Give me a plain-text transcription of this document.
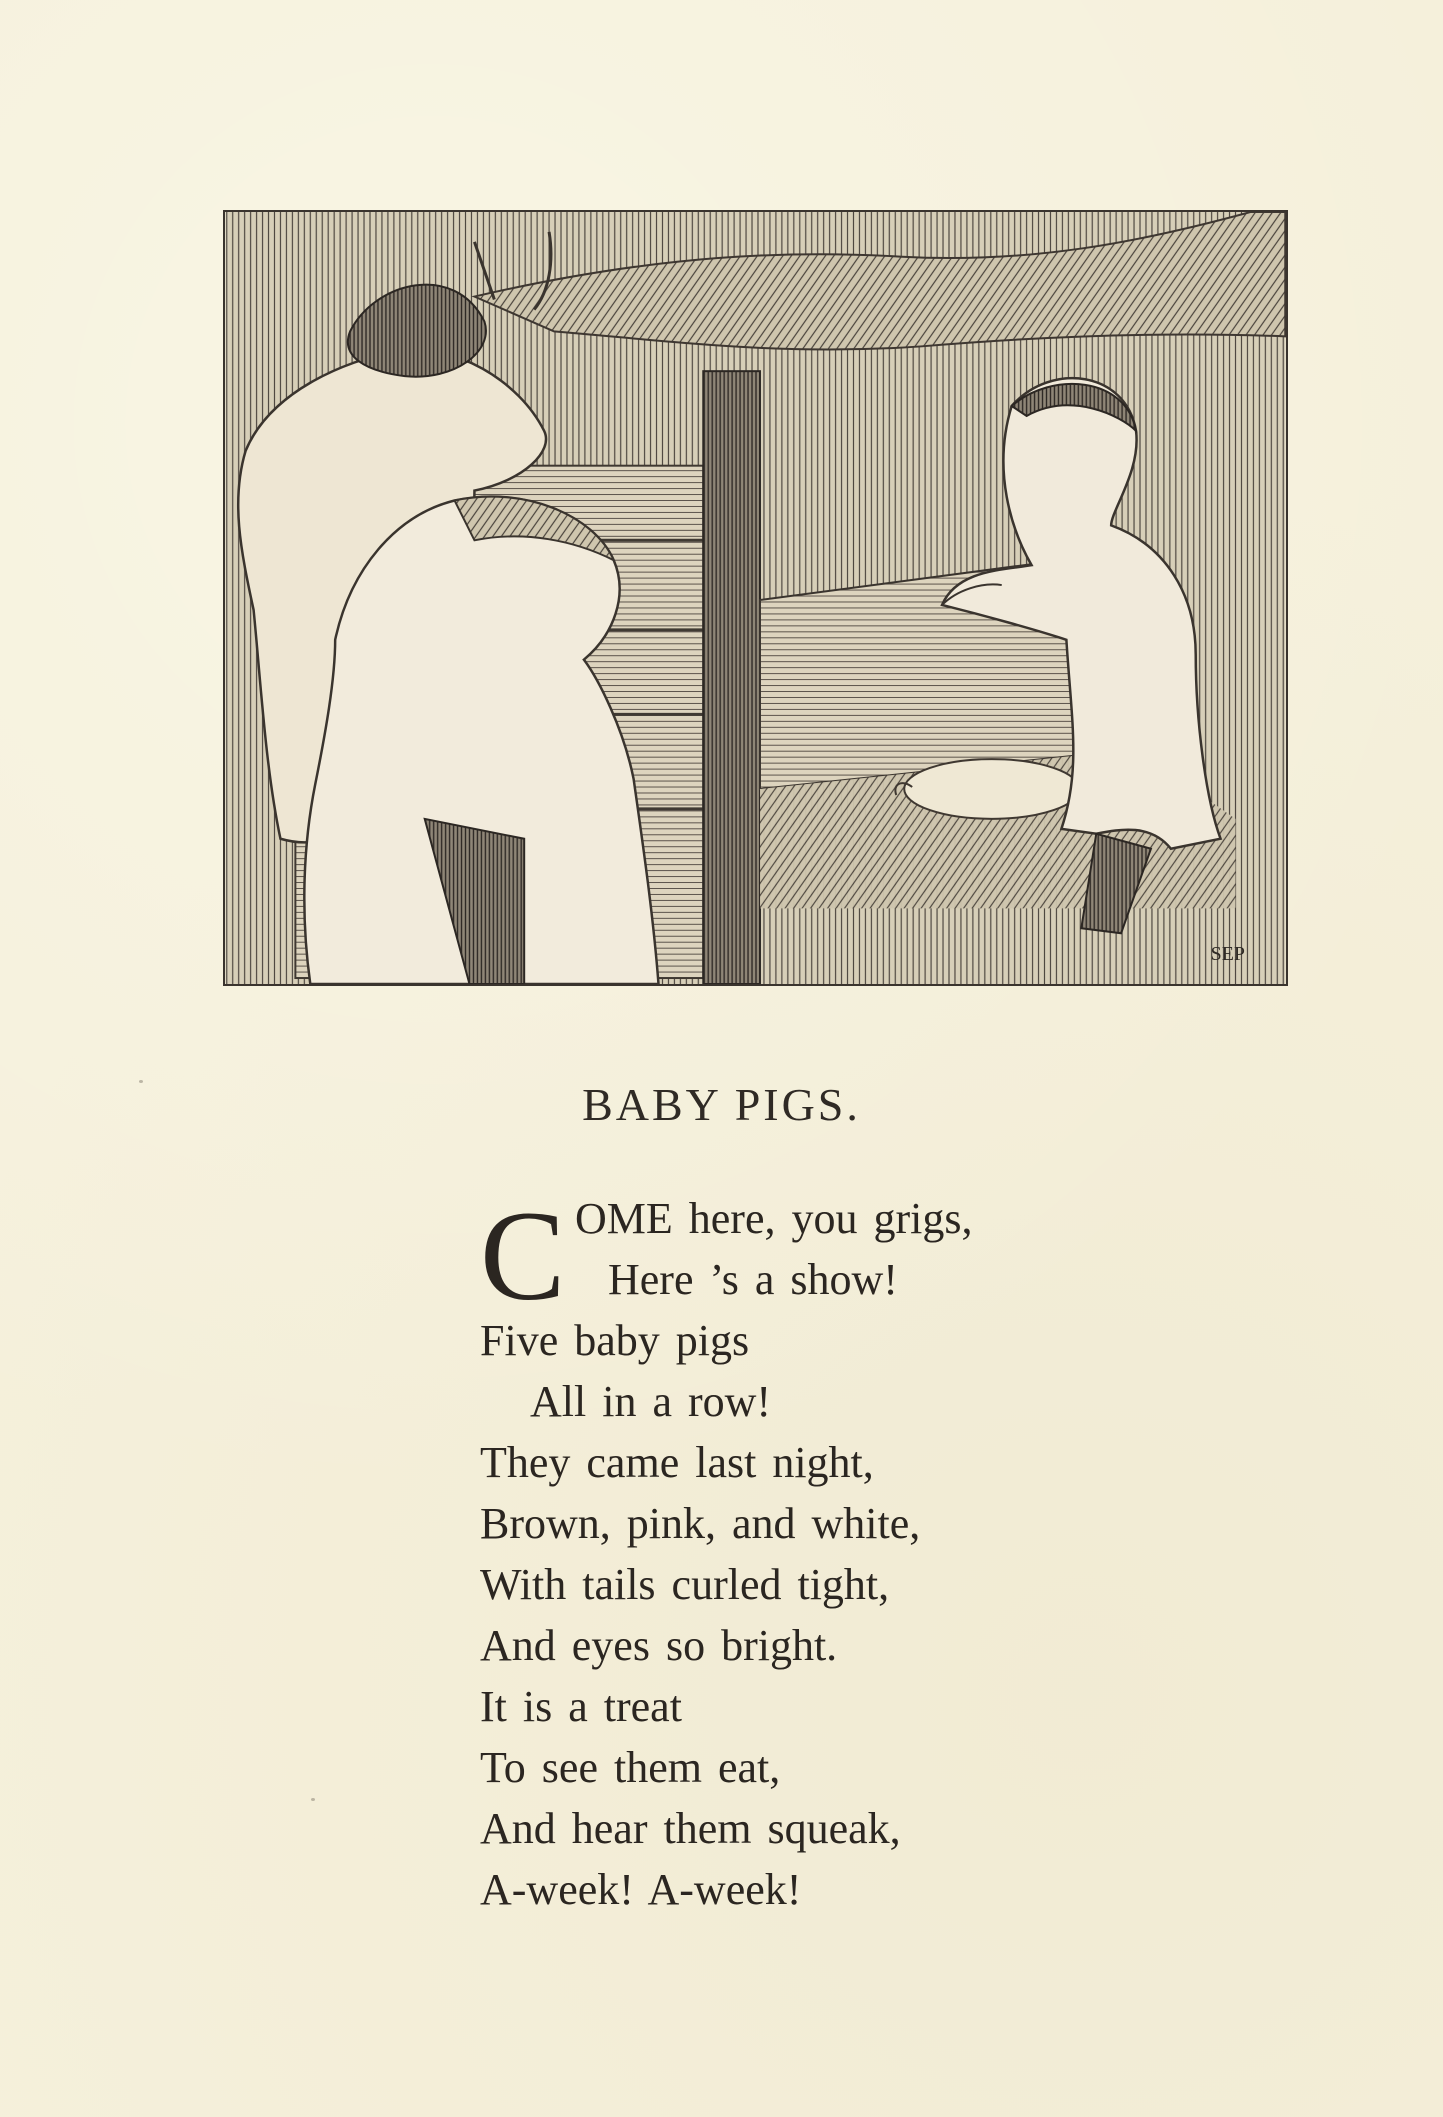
SEP
BABY PIGS.
C OME here, you grigs,
Here ’s a show!
Five baby pigs
All in a row!
They came last night,
Brown, pink, and white,
With tails curled tight,
And eyes so bright.
It is a treat
To see them eat,
And hear them squeak,
A-week! A-week!
